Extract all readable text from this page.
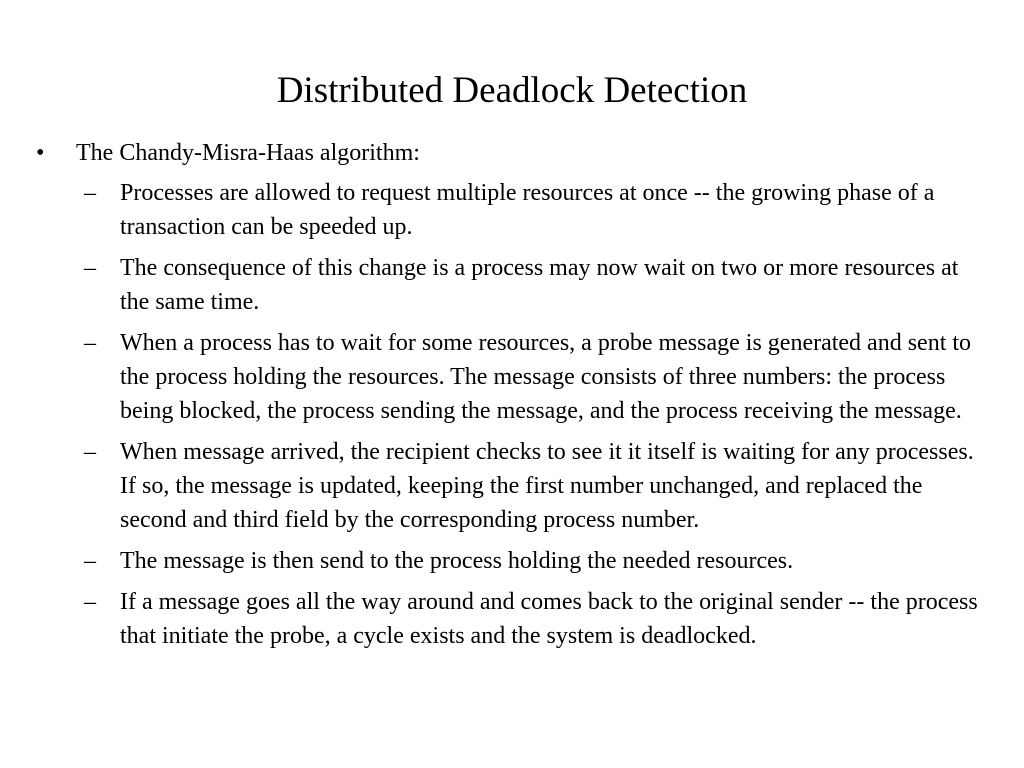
Distributed Deadlock Detection
•	The Chandy-Misra-Haas algorithm:
–	Processes are allowed to request multiple resources at once -- the growing phase of a transaction can be speeded up.
–	The consequence of this change is a process may now wait on two or more resources at the same time.
–	When a process has to wait for some resources, a probe message is generated and sent to the process holding the resources. The message consists of three numbers: the process being blocked, the process sending the message, and the process receiving the message.
–	When message arrived, the recipient checks to see it it itself is waiting for any processes. If so, the message is updated, keeping the first number unchanged, and replaced the second and third field by the corresponding process number.
–	The message is then send to the process holding the needed resources.
–	If a message goes all the way around and comes back to the original sender -- the process that initiate the probe, a cycle exists and the system is deadlocked.
